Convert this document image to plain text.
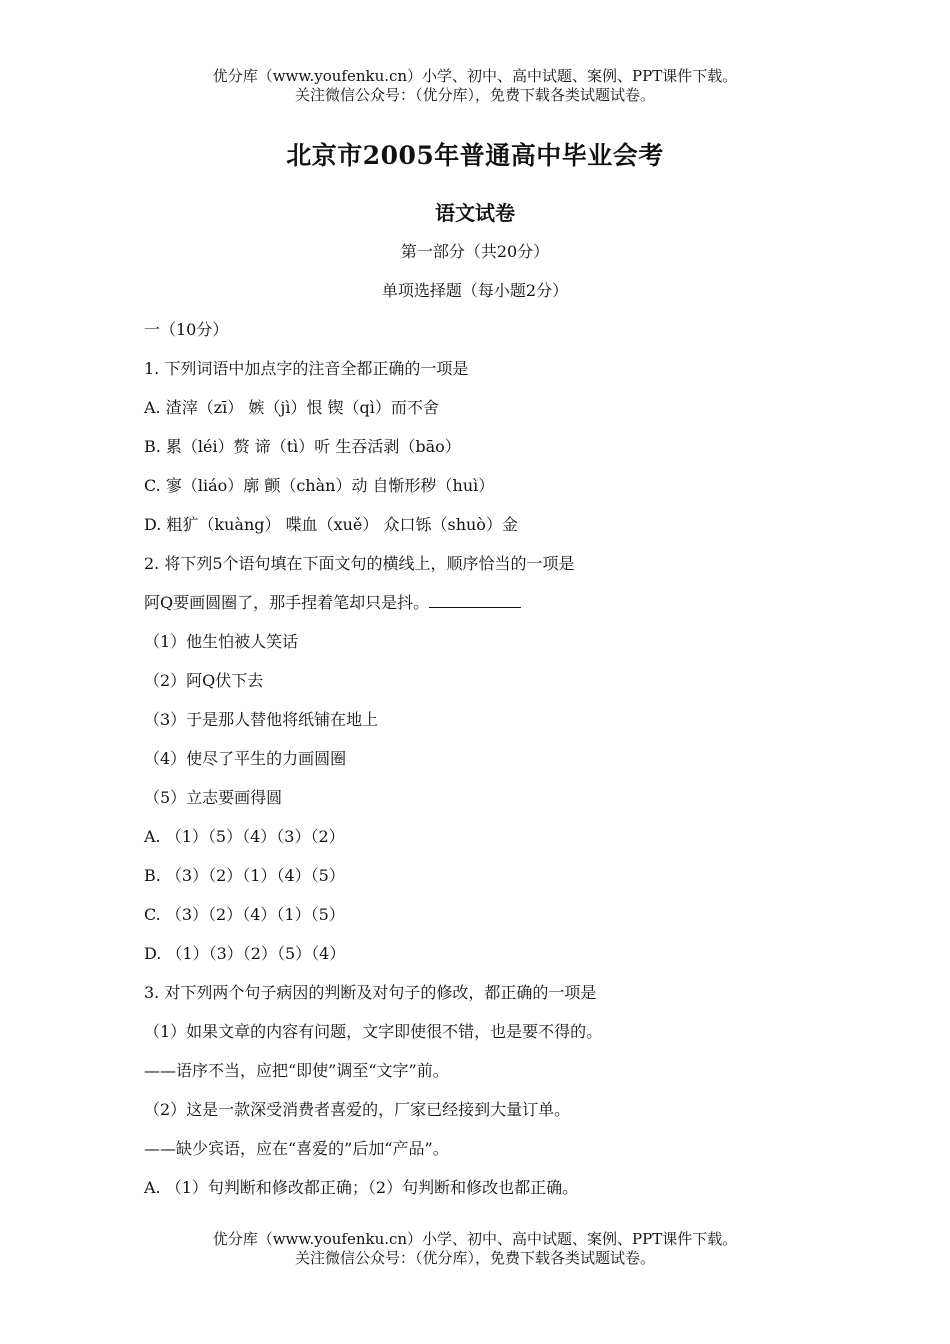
优分库（www.youfenku.cn）小学、初中、高中试题、案例、PPT课件下载。
关注微信公众号：（优分库），免费下载各类试题试卷。
北京市2005年普通高中毕业会考
语文试卷
第一部分（共20分）
单项选择题（每小题2分）
一（10分）
1. 下列词语中加点字的注音全都正确的一项是
A. 渣滓（zī） 嫉（jì）恨 锲（qì）而不舍
B. 累（léi）赘 谛（tì）听 生吞活剥（bāo）
C. 寥（liáo）廓 颤（chàn）动 自惭形秽（huì）
D. 粗犷（kuàng） 喋血（xuě） 众口铄（shuò）金
2. 将下列5个语句填在下面文句的横线上，顺序恰当的一项是
阿Q要画圆圈了，那手捏着笔却只是抖。
（1）他生怕被人笑话
（2）阿Q伏下去
（3）于是那人替他将纸铺在地上
（4）使尽了平生的力画圆圈
（5）立志要画得圆
A. （1）（5）（4）（3）（2）
B. （3）（2）（1）（4）（5）
C. （3）（2）（4）（1）（5）
D. （1）（3）（2）（5）（4）
3. 对下列两个句子病因的判断及对句子的修改，都正确的一项是
（1）如果文章的内容有问题，文字即使很不错，也是要不得的。
——语序不当，应把“即使”调至“文字”前。
（2）这是一款深受消费者喜爱的，厂家已经接到大量订单。
——缺少宾语，应在“喜爱的”后加“产品”。
A. （1）句判断和修改都正确；（2）句判断和修改也都正确。
优分库（www.youfenku.cn）小学、初中、高中试题、案例、PPT课件下载。
关注微信公众号：（优分库），免费下载各类试题试卷。
